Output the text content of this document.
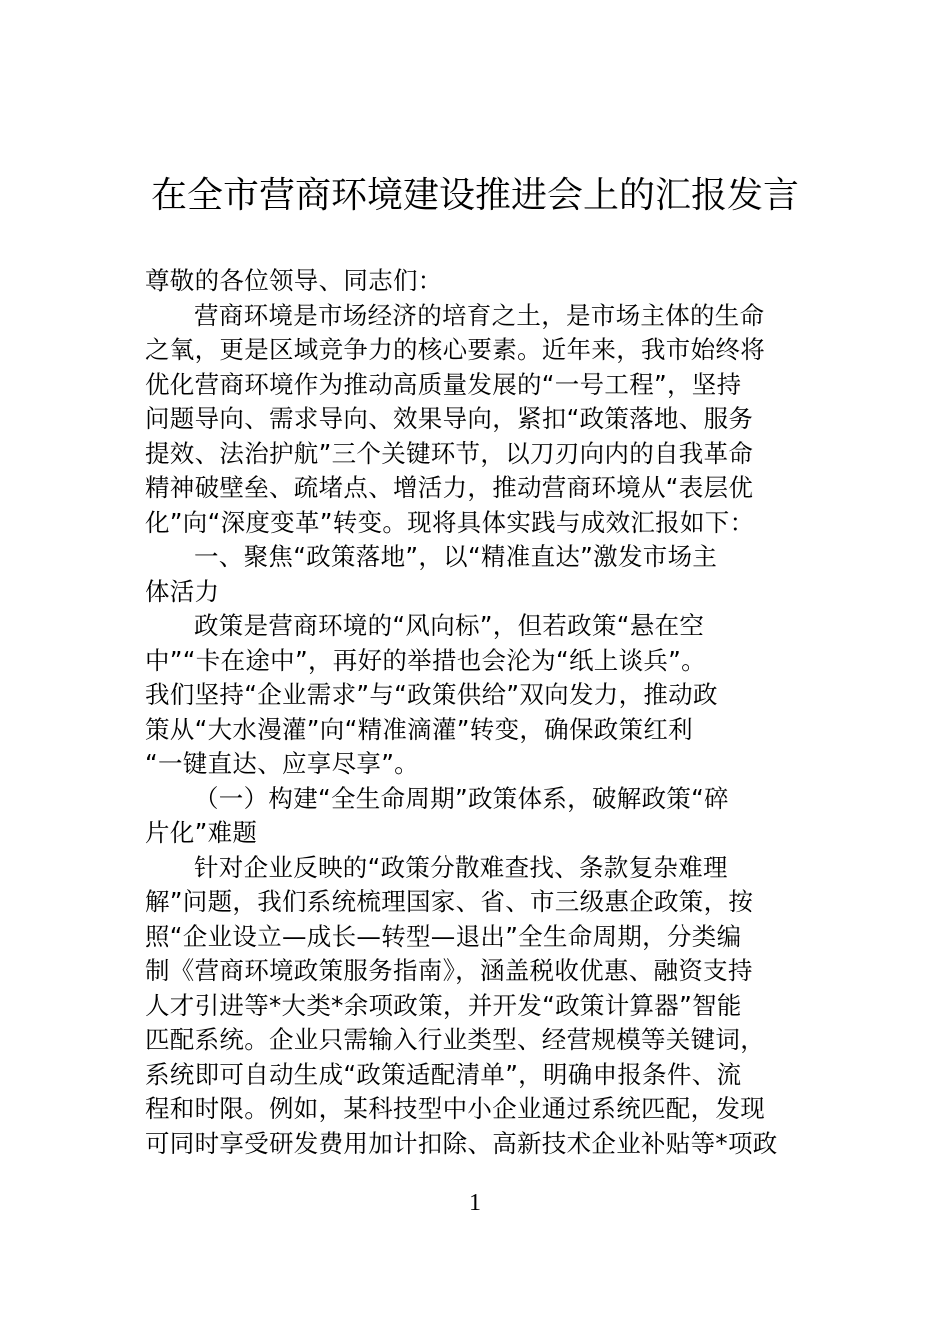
在全市营商环境建设推进会上的汇报发言
尊敬的各位领导、同志们：
营商环境是市场经济的培育之土，是市场主体的生命
之氧，更是区域竞争力的核心要素。近年来，我市始终将
优化营商环境作为推动高质量发展的“一号工程”，坚持
问题导向、需求导向、效果导向，紧扣“政策落地、服务
提效、法治护航”三个关键环节，以刀刃向内的自我革命
精神破壁垒、疏堵点、增活力，推动营商环境从“表层优
化”向“深度变革”转变。现将具体实践与成效汇报如下：
一、聚焦“政策落地”，以“精准直达”激发市场主
体活力
政策是营商环境的“风向标”，但若政策“悬在空
中”“卡在途中”，再好的举措也会沦为“纸上谈兵”。
我们坚持“企业需求”与“政策供给”双向发力，推动政
策从“大水漫灌”向“精准滴灌”转变，确保政策红利
“一键直达、应享尽享”。
（一）构建“全生命周期”政策体系，破解政策“碎
片化”难题
针对企业反映的“政策分散难查找、条款复杂难理
解”问题，我们系统梳理国家、省、市三级惠企政策，按
照“企业设立—成长—转型—退出”全生命周期，分类编
制《营商环境政策服务指南》，涵盖税收优惠、融资支持
人才引进等*大类*余项政策，并开发“政策计算器”智能
匹配系统。企业只需输入行业类型、经营规模等关键词，
系统即可自动生成“政策适配清单”，明确申报条件、流
程和时限。例如，某科技型中小企业通过系统匹配，发现
可同时享受研发费用加计扣除、高新技术企业补贴等*项政
1
